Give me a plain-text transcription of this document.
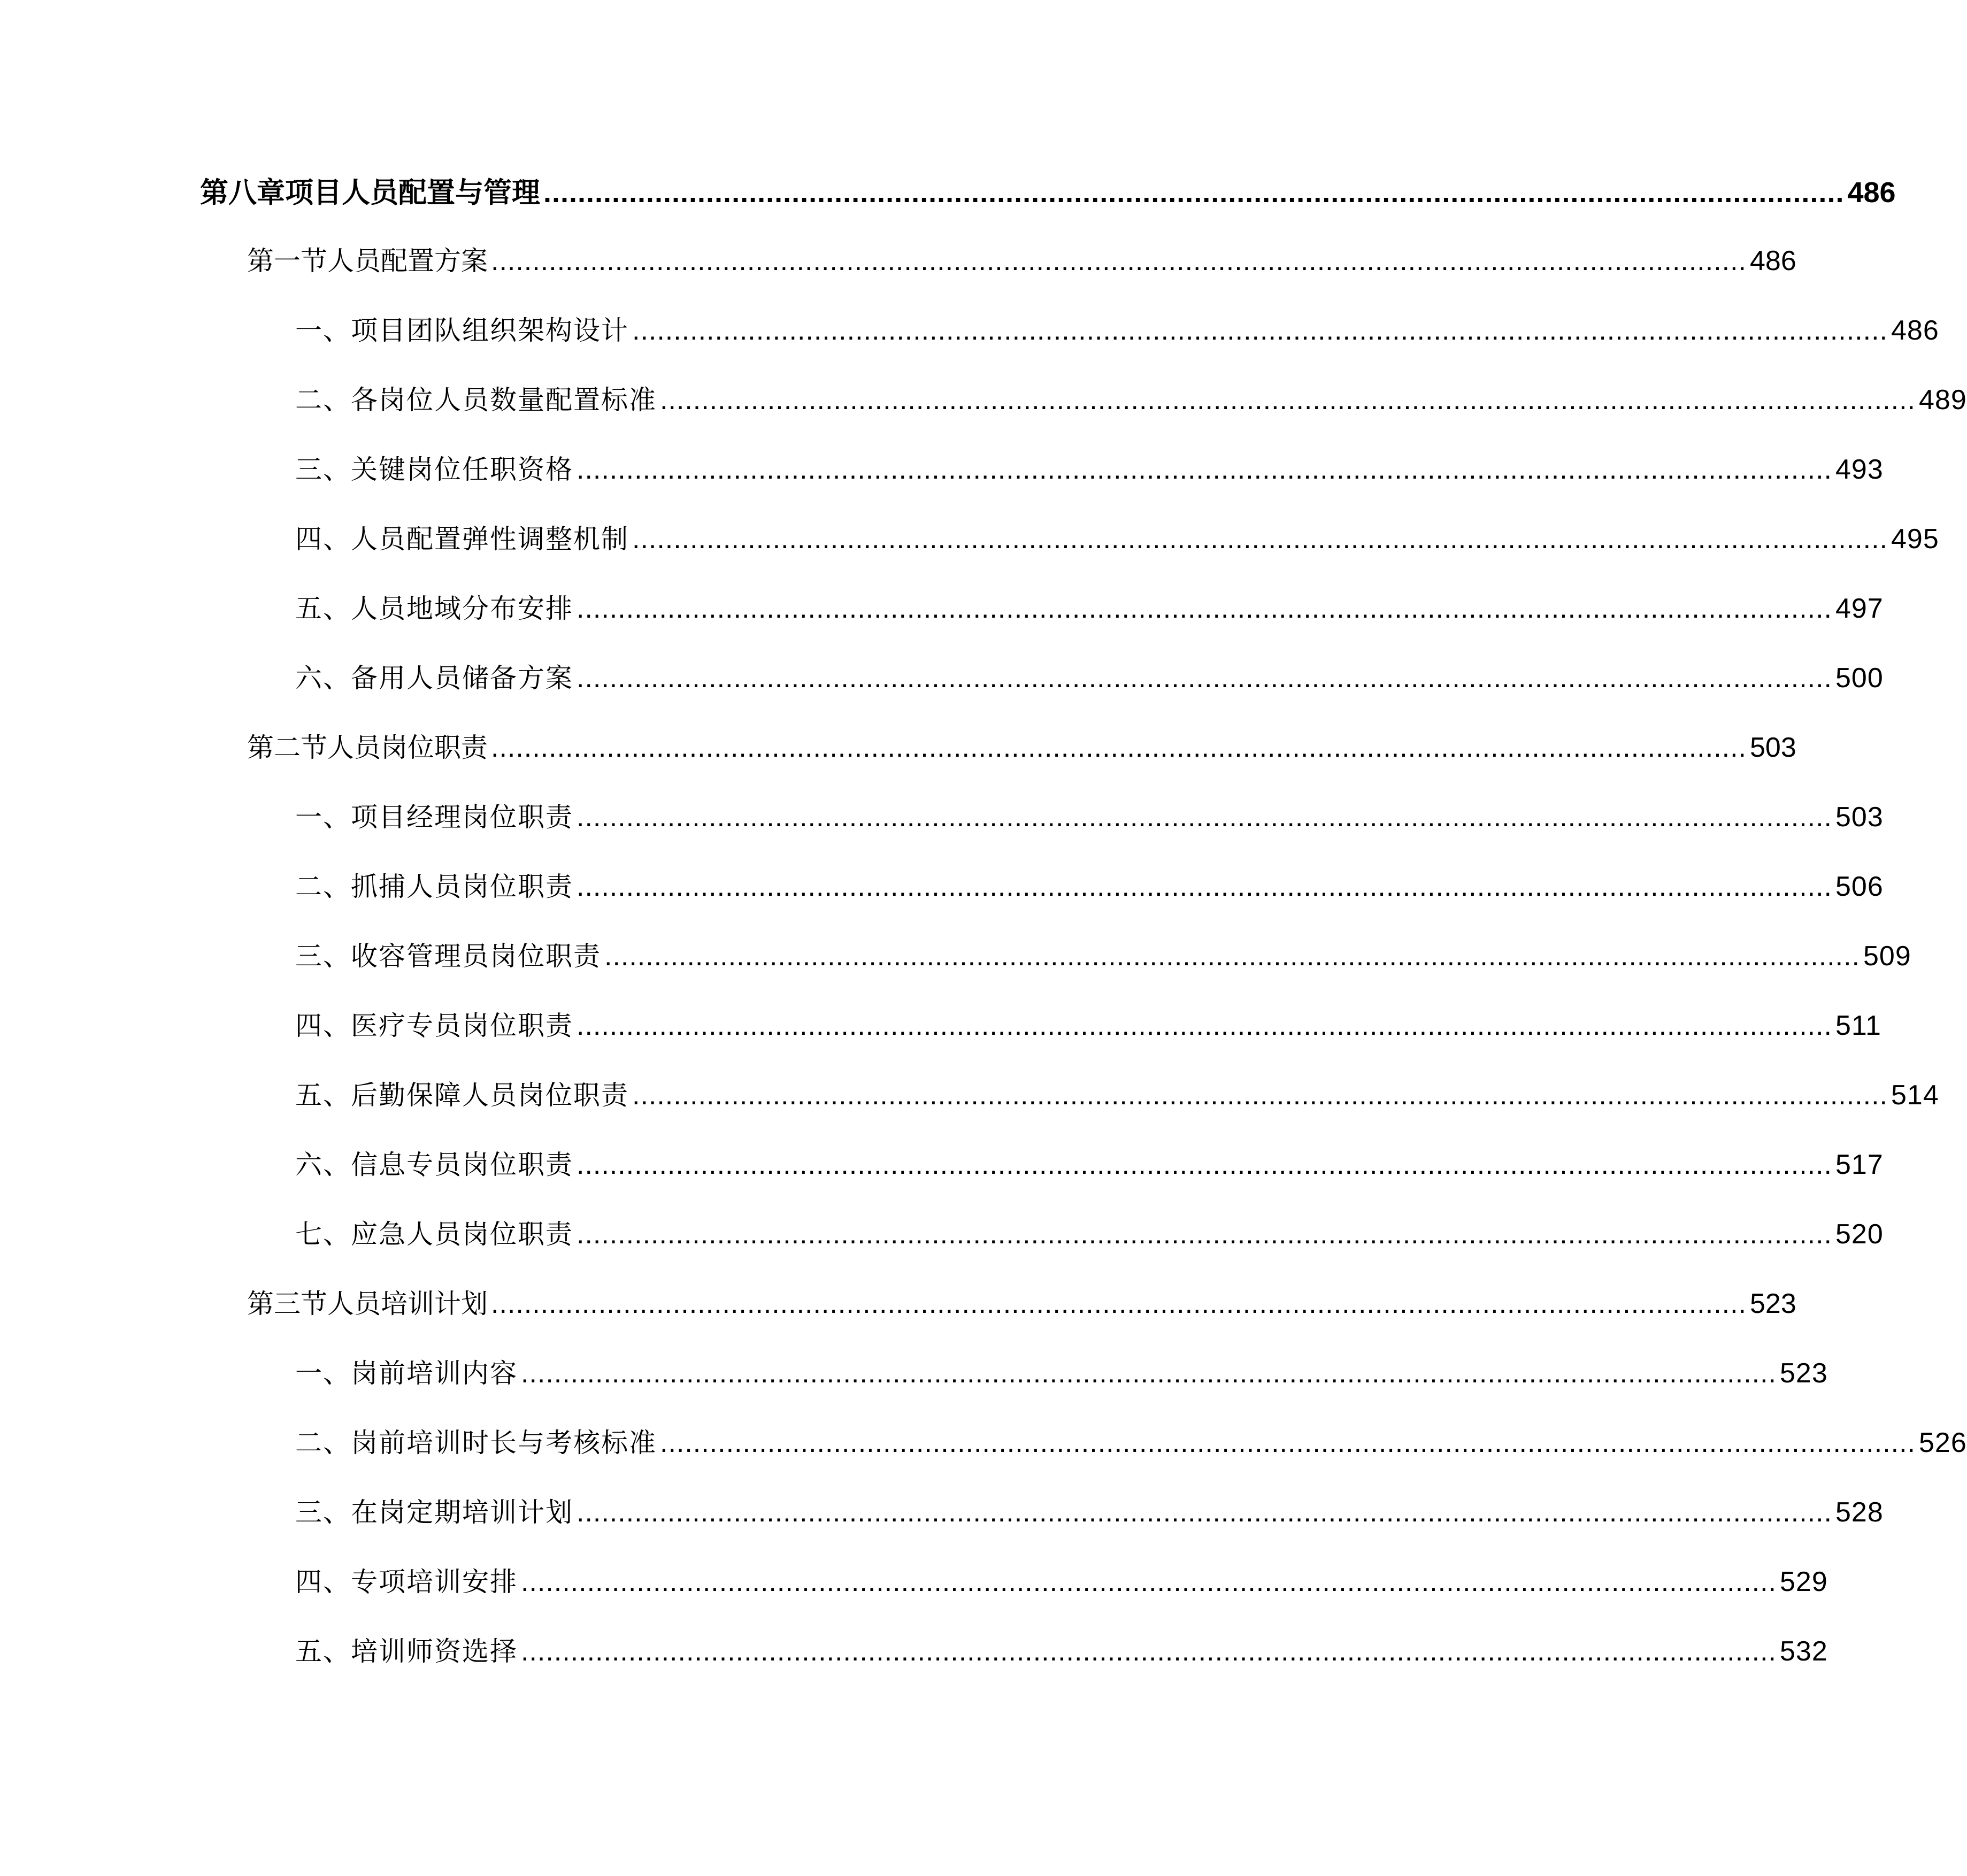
第八章项目人员配置与管理 ........................................................................................................................................................ 486
第一节人员配置方案 ........................................................................................................................................................ 486
一、项目团队组织架构设计 ........................................................................................................................................................ 486
二、各岗位人员数量配置标准 ........................................................................................................................................................ 489
三、关键岗位任职资格 ........................................................................................................................................................ 493
四、人员配置弹性调整机制 ........................................................................................................................................................ 495
五、人员地域分布安排 ........................................................................................................................................................ 497
六、备用人员储备方案 ........................................................................................................................................................ 500
第二节人员岗位职责 ........................................................................................................................................................ 503
一、项目经理岗位职责 ........................................................................................................................................................ 503
二、抓捕人员岗位职责 ........................................................................................................................................................ 506
三、收容管理员岗位职责 ........................................................................................................................................................ 509
四、医疗专员岗位职责 ........................................................................................................................................................ 511
五、后勤保障人员岗位职责 ........................................................................................................................................................ 514
六、信息专员岗位职责 ........................................................................................................................................................ 517
七、应急人员岗位职责 ........................................................................................................................................................ 520
第三节人员培训计划 ........................................................................................................................................................ 523
一、岗前培训内容 ........................................................................................................................................................ 523
二、岗前培训时长与考核标准 ........................................................................................................................................................ 526
三、在岗定期培训计划 ........................................................................................................................................................ 528
四、专项培训安排 ........................................................................................................................................................ 529
五、培训师资选择 ........................................................................................................................................................ 532
